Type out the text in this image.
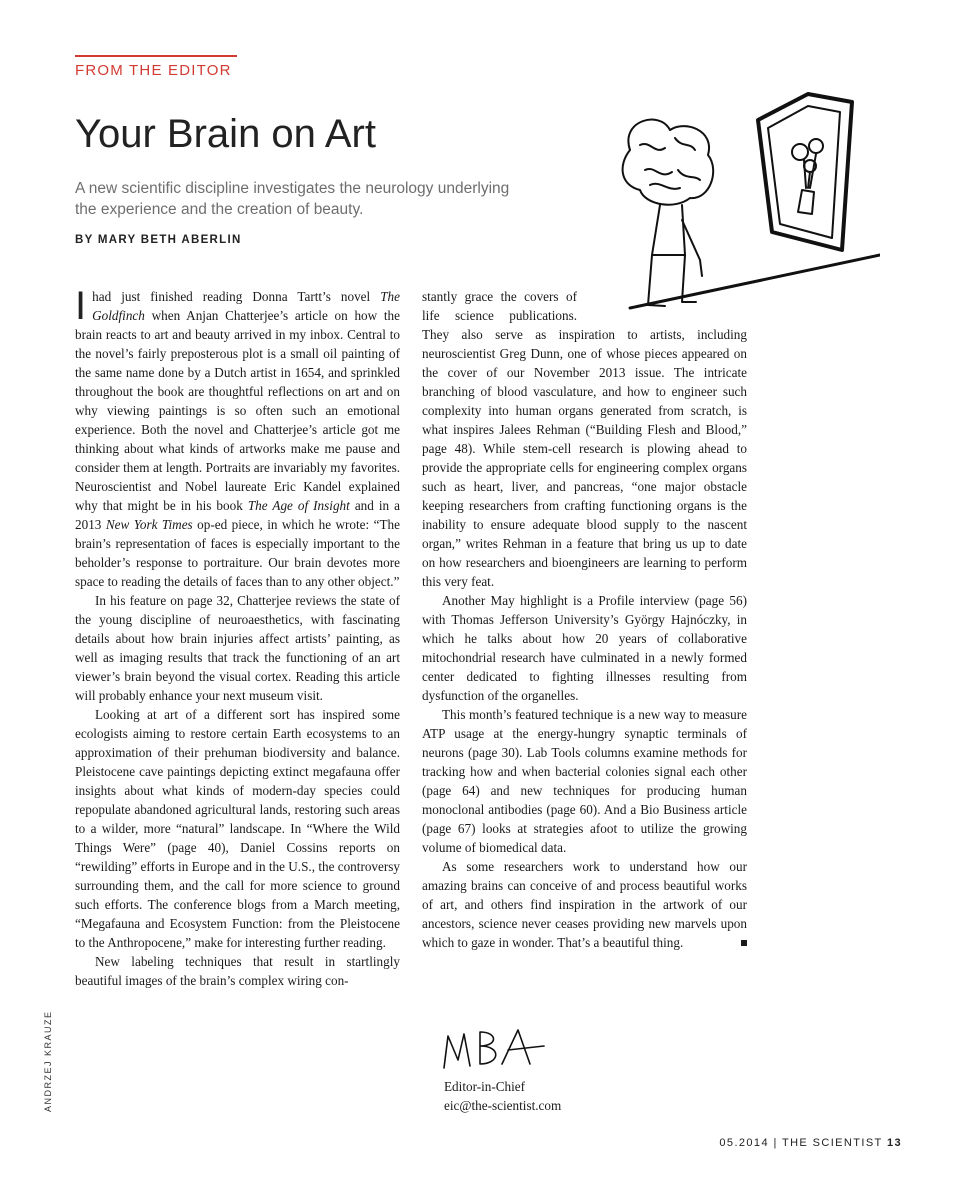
FROM THE EDITOR
Your Brain on Art
A new scientific discipline investigates the neurology underlying the experience and the creation of beauty.
BY MARY BETH ABERLIN

Ihad just finished reading Donna Tartt’s novel The Goldfinch when Anjan Chatterjee’s article on how the brain reacts to art and beauty arrived in my inbox. Central to the novel’s fairly preposterous plot is a small oil painting of the same name done by a Dutch artist in 1654, and sprinkled throughout the book are thoughtful reflections on art and on why viewing paintings is so often such an emotional experience. Both the novel and Chatterjee’s article got me thinking about what kinds of artworks make me pause and consider them at length. Portraits are invariably my favorites. Neuroscientist and Nobel laureate Eric Kandel explained why that might be in his book The Age of Insight and in a 2013 New York Times op-ed piece, in which he wrote: “The brain’s representation of faces is especially important to the beholder’s response to portraiture. Our brain devotes more space to reading the details of faces than to any other object.”

In his feature on page 32, Chatterjee reviews the state of the young discipline of neuroaesthetics, with fascinating details about how brain injuries affect artists’ painting, as well as imaging results that track the functioning of an art viewer’s brain beyond the visual cortex. Reading this article will probably enhance your next museum visit.

Looking at art of a different sort has inspired some ecologists aiming to restore certain Earth ecosystems to an approximation of their prehuman biodiversity and balance. Pleistocene cave paintings depicting extinct megafauna offer insights about what kinds of modern-day species could repopulate abandoned agricultural lands, restoring such areas to a wilder, more “natural” landscape. In “Where the Wild Things Were” (page 40), Daniel Cossins reports on “rewilding” efforts in Europe and in the U.S., the controversy surrounding them, and the call for more science to ground such efforts. The conference blogs from a March meeting, “Megafauna and Ecosystem Function: from the Pleistocene to the Anthropocene,” make for interesting further reading.

New labeling techniques that result in startlingly beautiful images of the brain’s complex wiring con-

stantly grace the covers of life science publications. They also serve as inspiration to artists, including neuroscientist Greg Dunn, one of whose pieces appeared on the cover of our November 2013 issue. The intricate branching of blood vasculature, and how to engineer such complexity into human organs generated from scratch, is what inspires Jalees Rehman (“Building Flesh and Blood,” page 48). While stem-cell research is plowing ahead to provide the appropriate cells for engineering complex organs such as heart, liver, and pancreas, “one major obstacle keeping researchers from crafting functioning organs is the inability to ensure adequate blood supply to the nascent organ,” writes Rehman in a feature that bring us up to date on how researchers and bioengineers are learning to perform this very feat.

Another May highlight is a Profile interview (page 56) with Thomas Jefferson University’s György Hajnóczky, in which he talks about how 20 years of collaborative mitochondrial research have culminated in a newly formed center dedicated to fighting illnesses resulting from dysfunction of the organelles.

This month’s featured technique is a new way to measure ATP usage at the energy-hungry synaptic terminals of neurons (page 30). Lab Tools columns examine methods for tracking how and when bacterial colonies signal each other (page 64) and new techniques for producing human monoclonal antibodies (page 60). And a Bio Business article (page 67) looks at strategies afoot to utilize the growing volume of biomedical data.

As some researchers work to understand how our amazing brains can conceive of and process beautiful works of art, and others find inspiration in the artwork of our ancestors, science never ceases providing new marvels upon which to gaze in wonder. That’s a beautiful thing.

ANDRZEJ KRAUZE	Editor-in-Chief
eic@the-scientist.com
05.2014 | THE SCIENTIST 13
